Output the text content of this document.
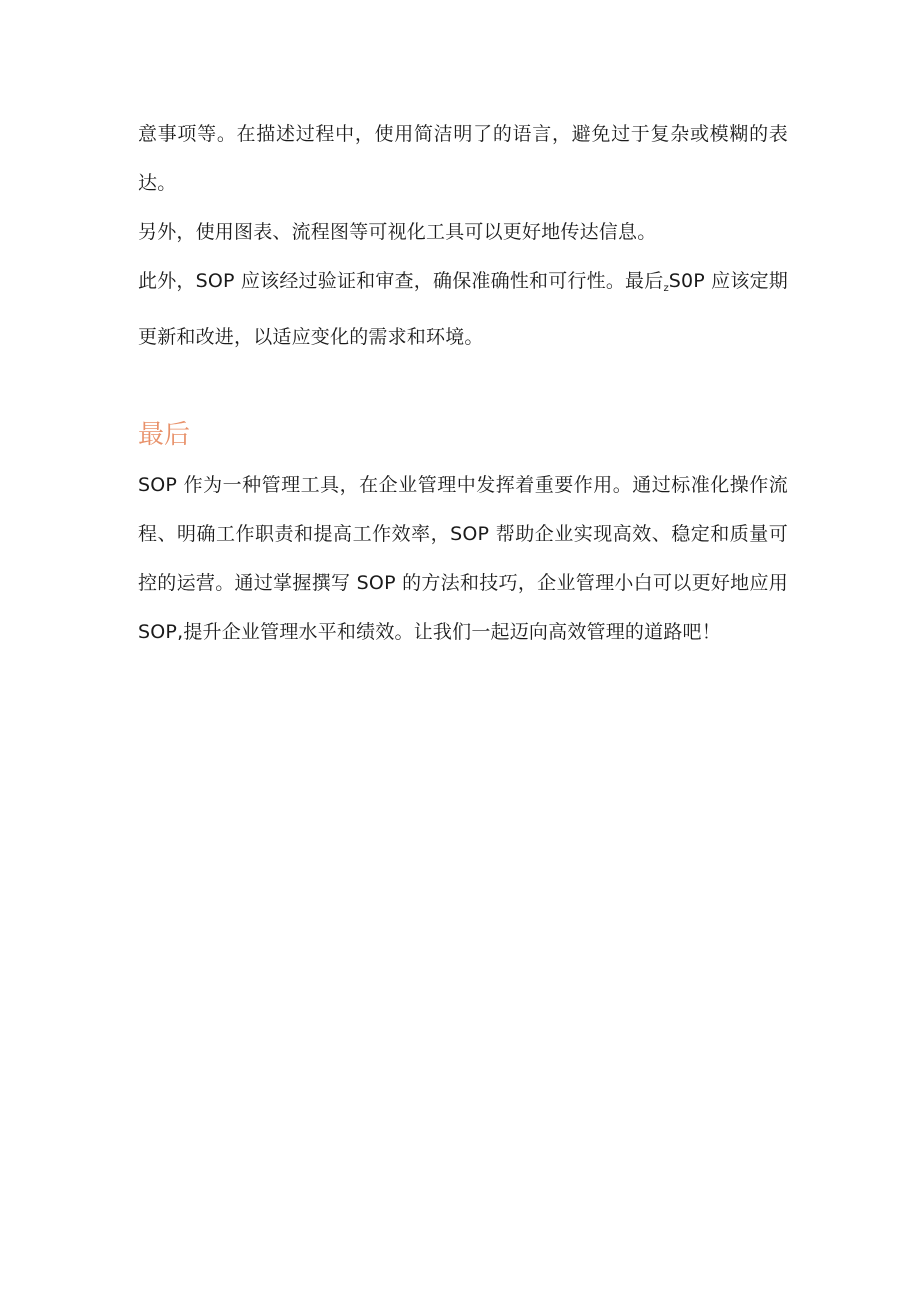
意事项等。在描述过程中，使用简洁明了的语言，避免过于复杂或模糊的表达。

另外，使用图表、流程图等可视化工具可以更好地传达信息。

此外，SOP 应该经过验证和审查，确保准确性和可行性。最后$_z$S0P 应该定期更新和改进，以适应变化的需求和环境。

最后

SOP 作为一种管理工具，在企业管理中发挥着重要作用。通过标准化操作流程、明确工作职责和提高工作效率，SOP 帮助企业实现高效、稳定和质量可控的运营。通过掌握撰写 SOP 的方法和技巧，企业管理小白可以更好地应用 SOP,提升企业管理水平和绩效。让我们一起迈向高效管理的道路吧！
